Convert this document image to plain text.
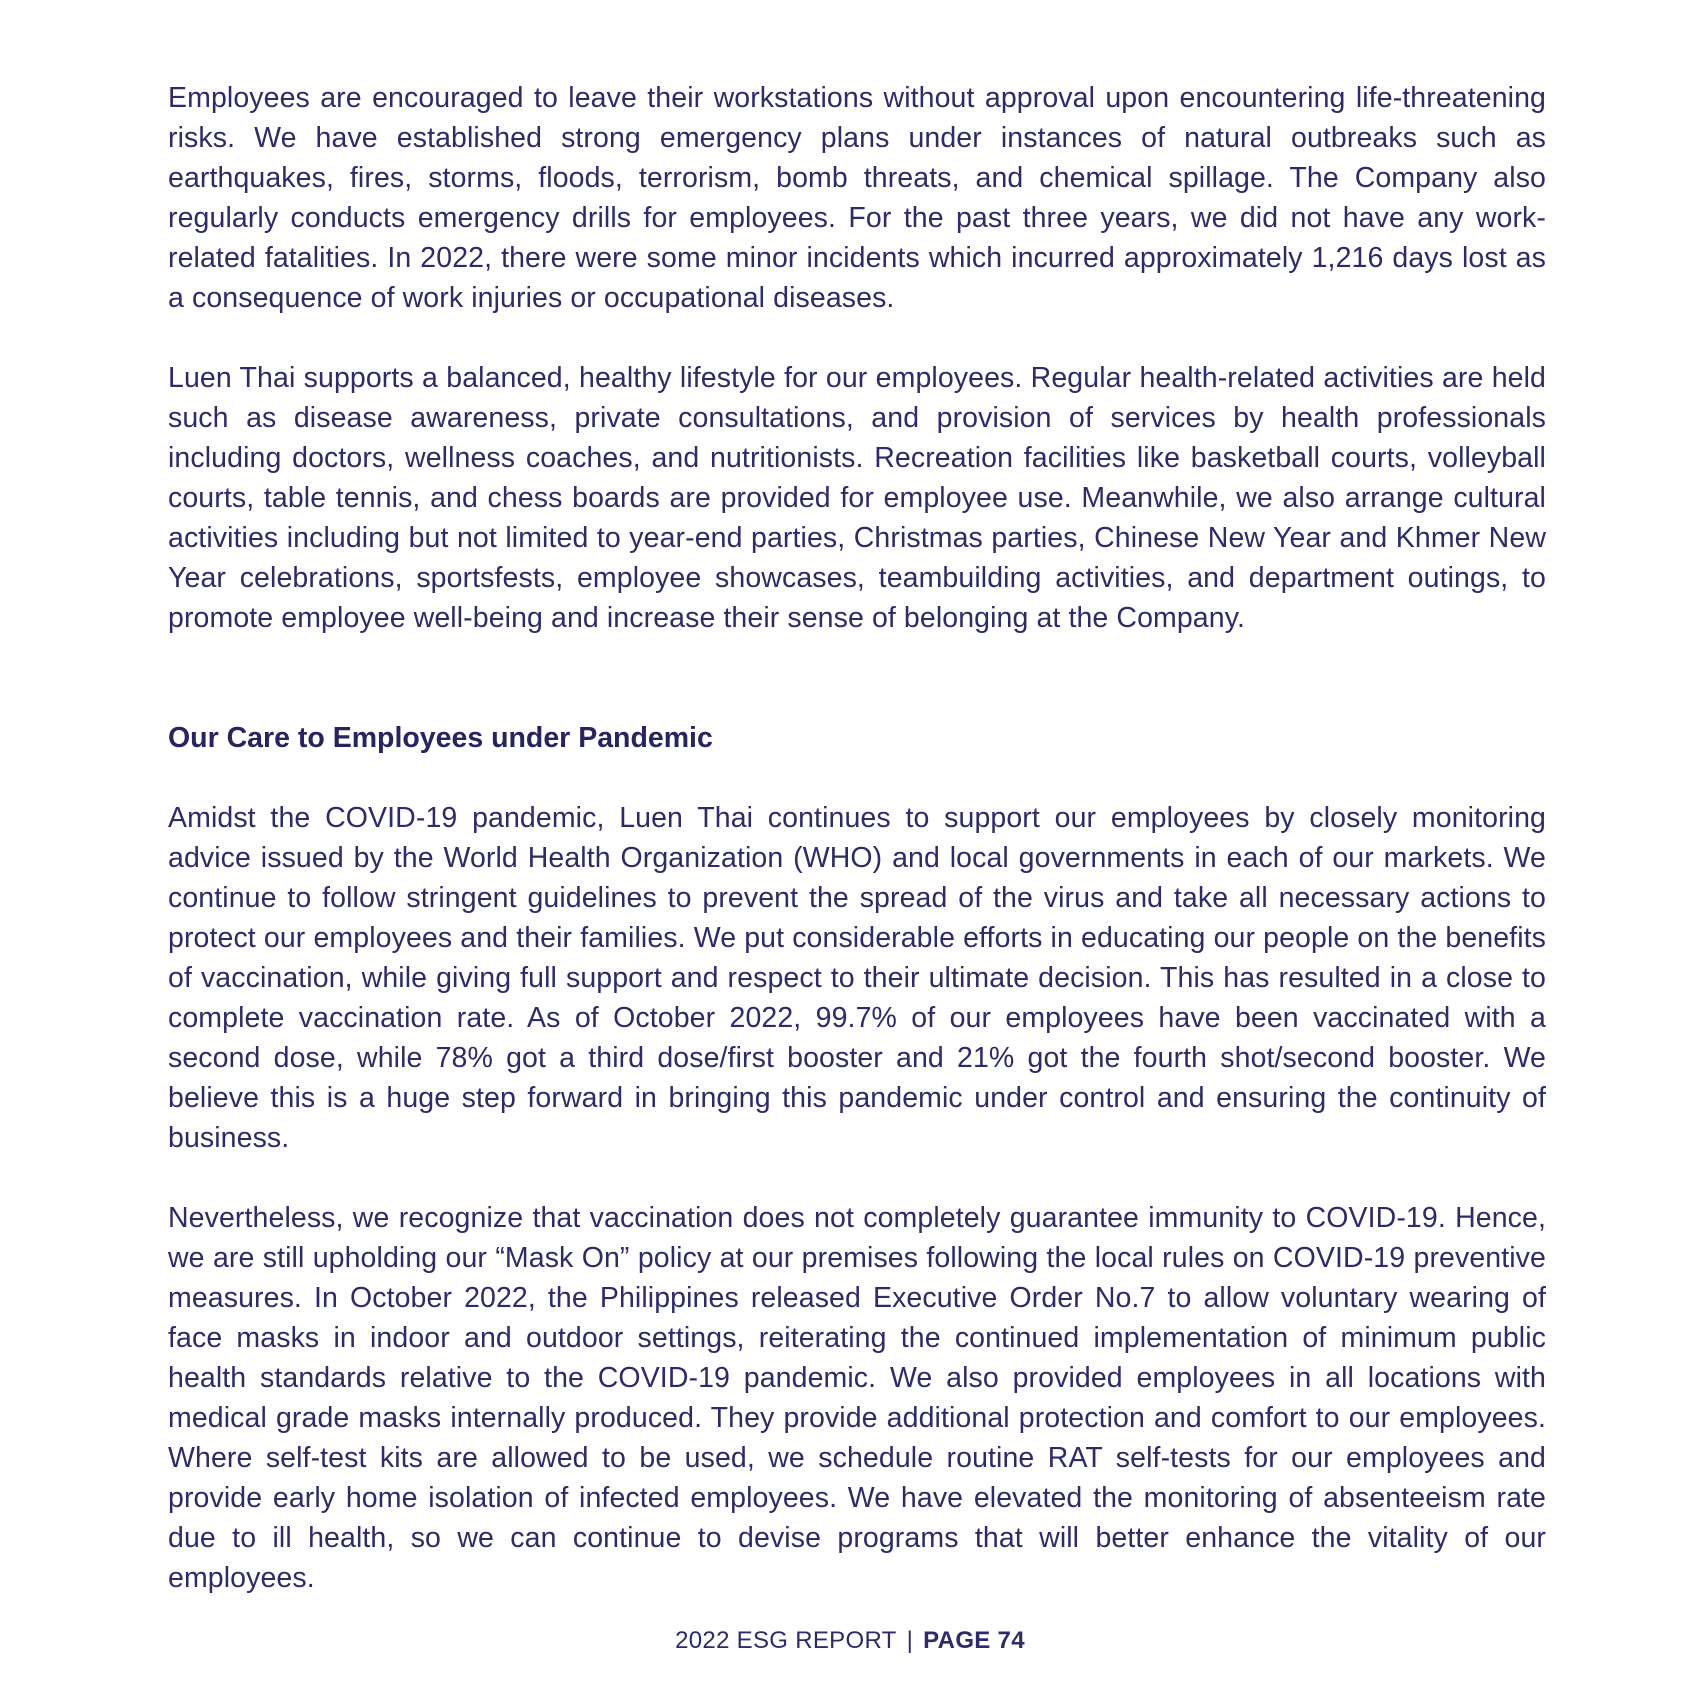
Employees are encouraged to leave their workstations without approval upon encountering life-threatening risks. We have established strong emergency plans under instances of natural outbreaks such as earthquakes, fires, storms, floods, terrorism, bomb threats, and chemical spillage. The Company also regularly conducts emergency drills for employees. For the past three years, we did not have any work-related fatalities. In 2022, there were some minor incidents which incurred approximately 1,216 days lost as a consequence of work injuries or occupational diseases.

Luen Thai supports a balanced, healthy lifestyle for our employees. Regular health-related activities are held such as disease awareness, private consultations, and provision of services by health professionals including doctors, wellness coaches, and nutritionists. Recreation facilities like basketball courts, volleyball courts, table tennis, and chess boards are provided for employee use. Meanwhile, we also arrange cultural activities including but not limited to year-end parties, Christmas parties, Chinese New Year and Khmer New Year celebrations, sportsfests, employee showcases, teambuilding activities, and department outings, to promote employee well-being and increase their sense of belonging at the Company.

Our Care to Employees under Pandemic

Amidst the COVID-19 pandemic, Luen Thai continues to support our employees by closely monitoring advice issued by the World Health Organization (WHO) and local governments in each of our markets. We continue to follow stringent guidelines to prevent the spread of the virus and take all necessary actions to protect our employees and their families. We put considerable efforts in educating our people on the benefits of vaccination, while giving full support and respect to their ultimate decision. This has resulted in a close to complete vaccination rate. As of October 2022, 99.7% of our employees have been vaccinated with a second dose, while 78% got a third dose/first booster and 21% got the fourth shot/second booster. We believe this is a huge step forward in bringing this pandemic under control and ensuring the continuity of business.

Nevertheless, we recognize that vaccination does not completely guarantee immunity to COVID-19. Hence, we are still upholding our “Mask On” policy at our premises following the local rules on COVID-19 preventive measures. In October 2022, the Philippines released Executive Order No.7 to allow voluntary wearing of face masks in indoor and outdoor settings, reiterating the continued implementation of minimum public health standards relative to the COVID-19 pandemic. We also provided employees in all locations with medical grade masks internally produced. They provide additional protection and comfort to our employees. Where self-test kits are allowed to be used, we schedule routine RAT self-tests for our employees and provide early home isolation of infected employees. We have elevated the monitoring of absenteeism rate due to ill health, so we can continue to devise programs that will better enhance the vitality of our employees.

2022 ESG REPORT | PAGE 74
